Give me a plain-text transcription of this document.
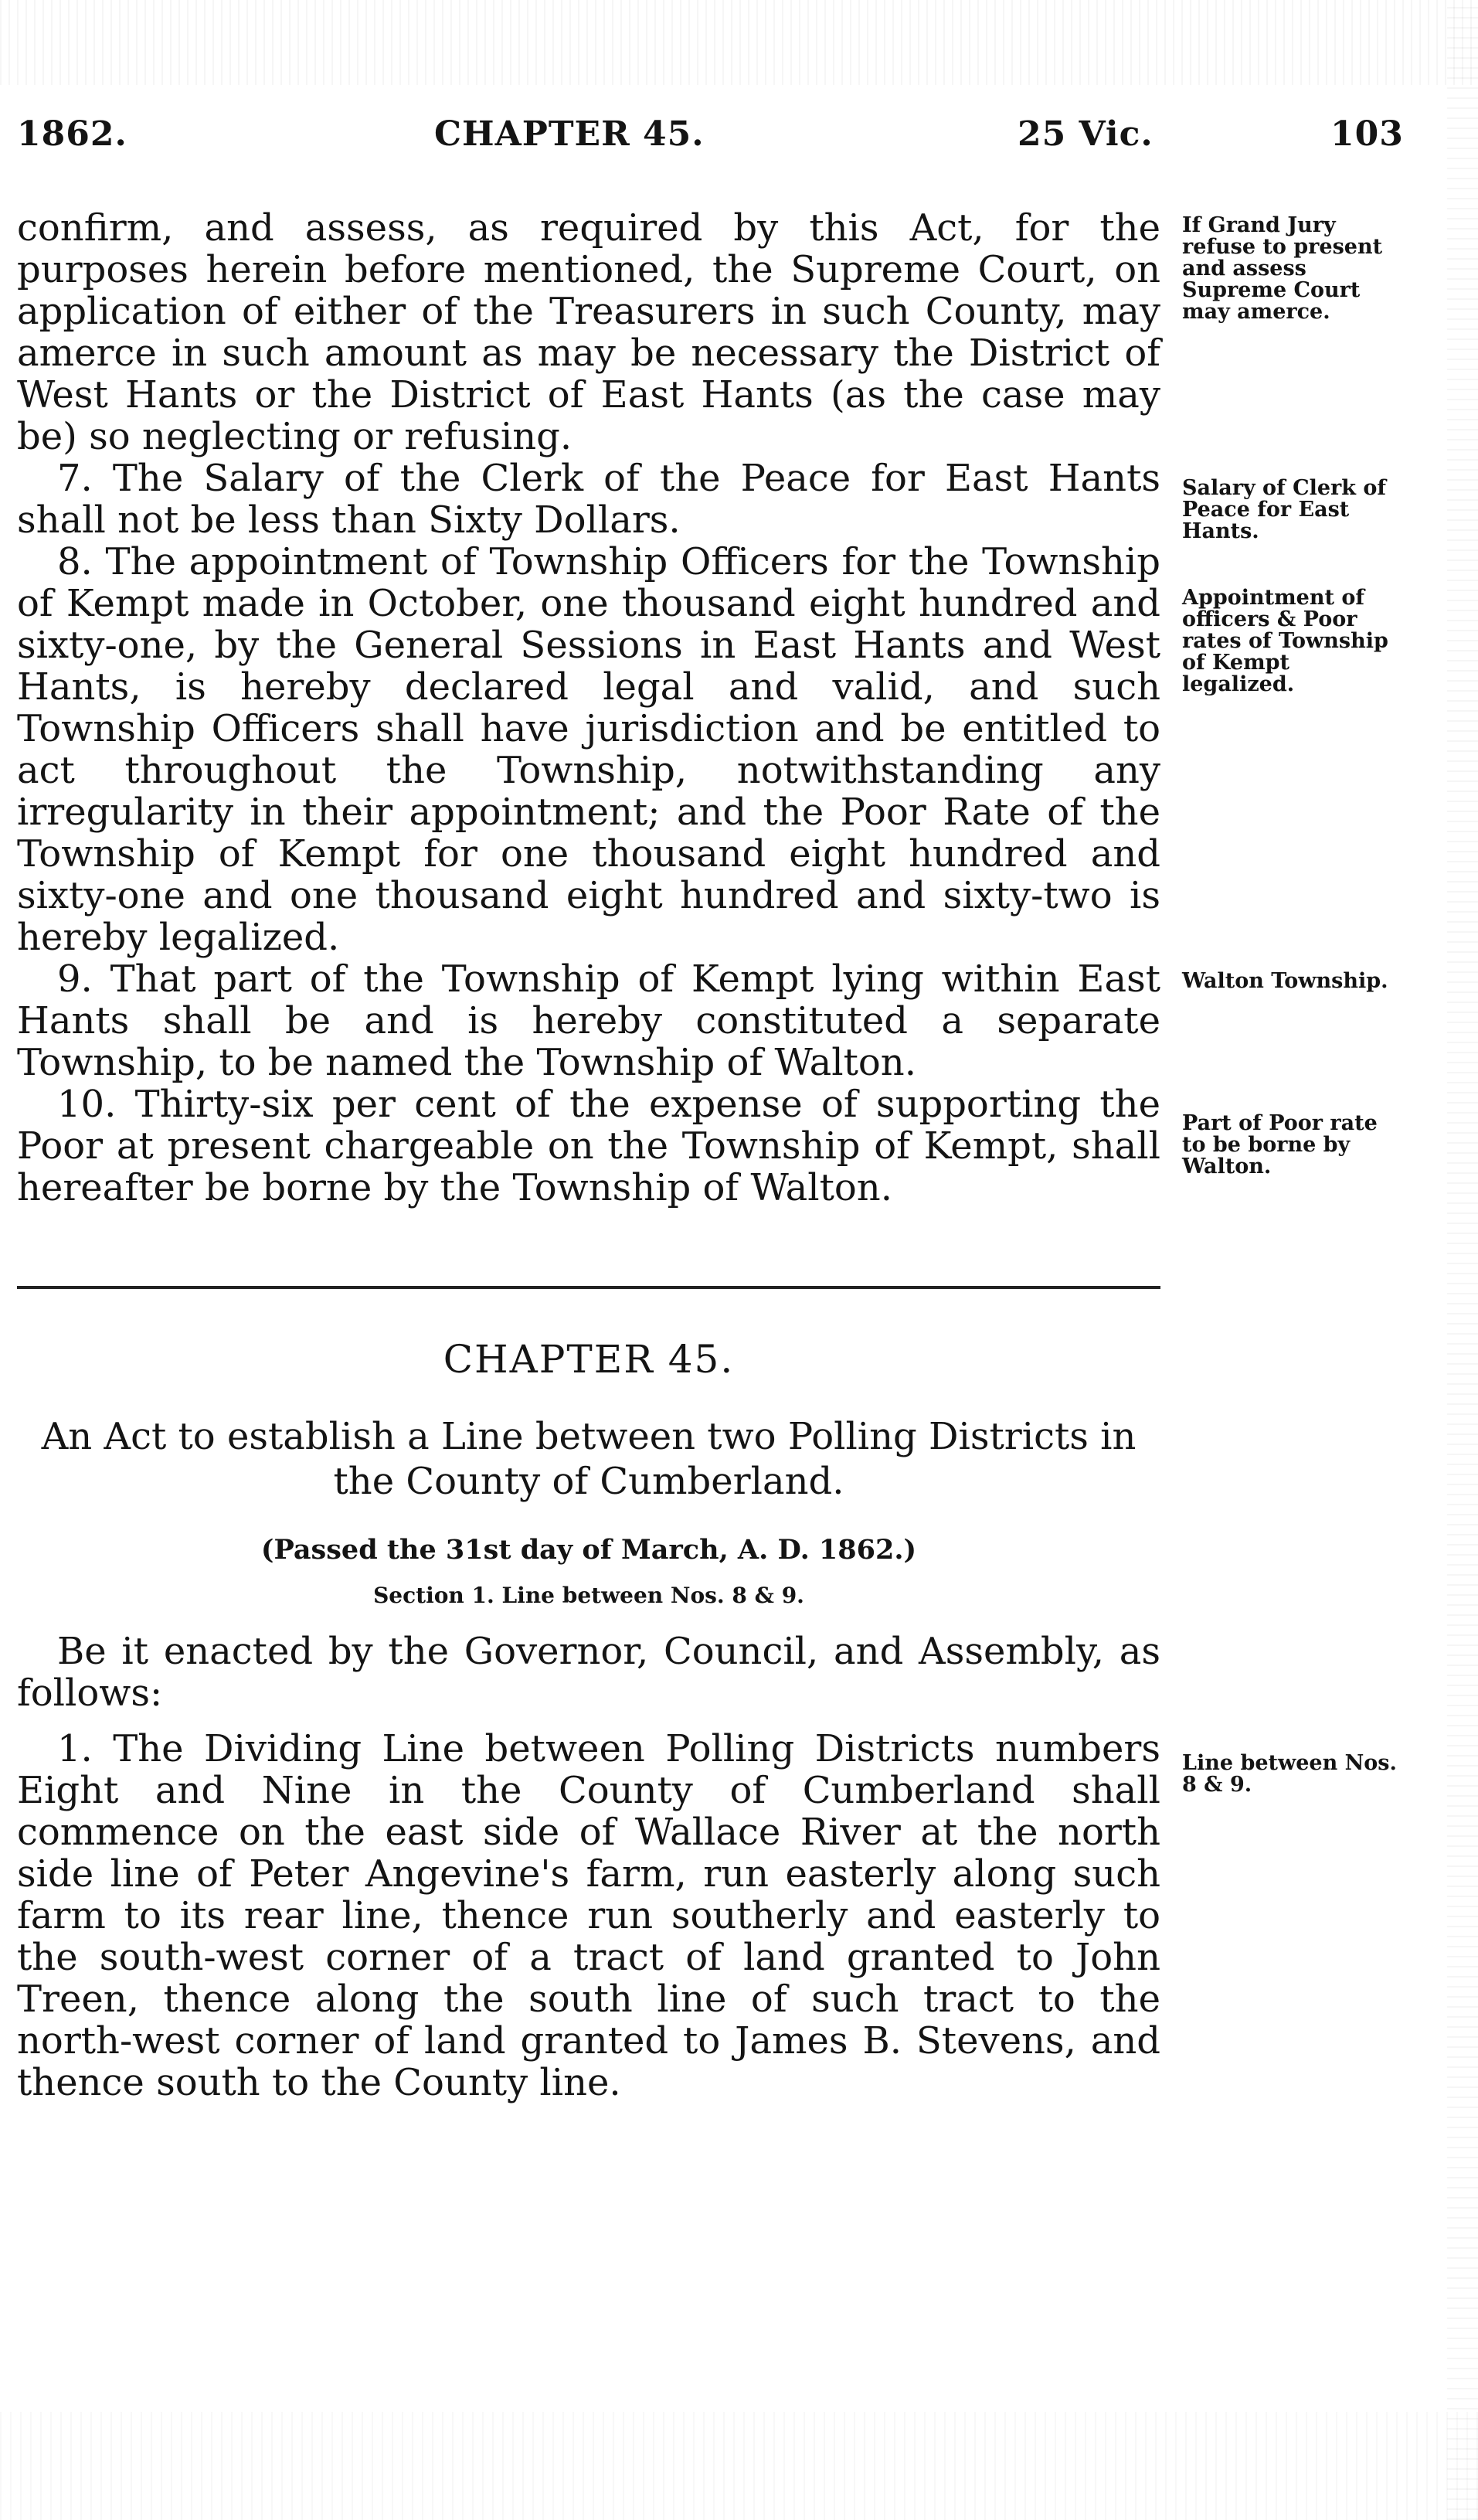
1862.	CHAPTER 45.	25 Vic.	103

confirm, and assess, as required by this Act, for the purposes herein before mentioned, the Supreme Court, on application of either of the Treasurers in such County, may amerce in such amount as may be necessary the District of West Hants or the District of East Hants (as the case may be) so neglecting or refusing.

7. The Salary of the Clerk of the Peace for East Hants shall not be less than Sixty Dollars.

8. The appointment of Township Officers for the Township of Kempt made in October, one thousand eight hundred and sixty-one, by the General Sessions in East Hants and West Hants, is hereby declared legal and valid, and such Township Officers shall have jurisdiction and be entitled to act throughout the Township, notwithstanding any irregularity in their appointment; and the Poor Rate of the Township of Kempt for one thousand eight hundred and sixty-one and one thousand eight hundred and sixty-two is hereby legalized.

9. That part of the Township of Kempt lying within East Hants shall be and is hereby constituted a separate Township, to be named the Township of Walton.

10. Thirty-six per cent of the expense of supporting the Poor at present chargeable on the Township of Kempt, shall hereafter be borne by the Township of Walton.

If Grand Jury refuse to present and assess Supreme Court may amerce.
Salary of Clerk of Peace for East Hants.
Appointment of officers & Poor rates of Township of Kempt legalized.
Walton Township.
Part of Poor rate to be borne by Walton.
CHAPTER 45.
An Act to establish a Line between two Polling Districts in the County of Cumberland.
(Passed the 31st day of March, A. D. 1862.)
Section 1. Line between Nos. 8 & 9.

Be it enacted by the Governor, Council, and Assembly, as follows:

1. The Dividing Line between Polling Districts numbers Eight and Nine in the County of Cumberland shall commence on the east side of Wallace River at the north side line of Peter Angevine's farm, run easterly along such farm to its rear line, thence run southerly and easterly to the south-west corner of a tract of land granted to John Treen, thence along the south line of such tract to the north-west corner of land granted to James B. Stevens, and thence south to the County line.

Line between Nos. 8 & 9.
